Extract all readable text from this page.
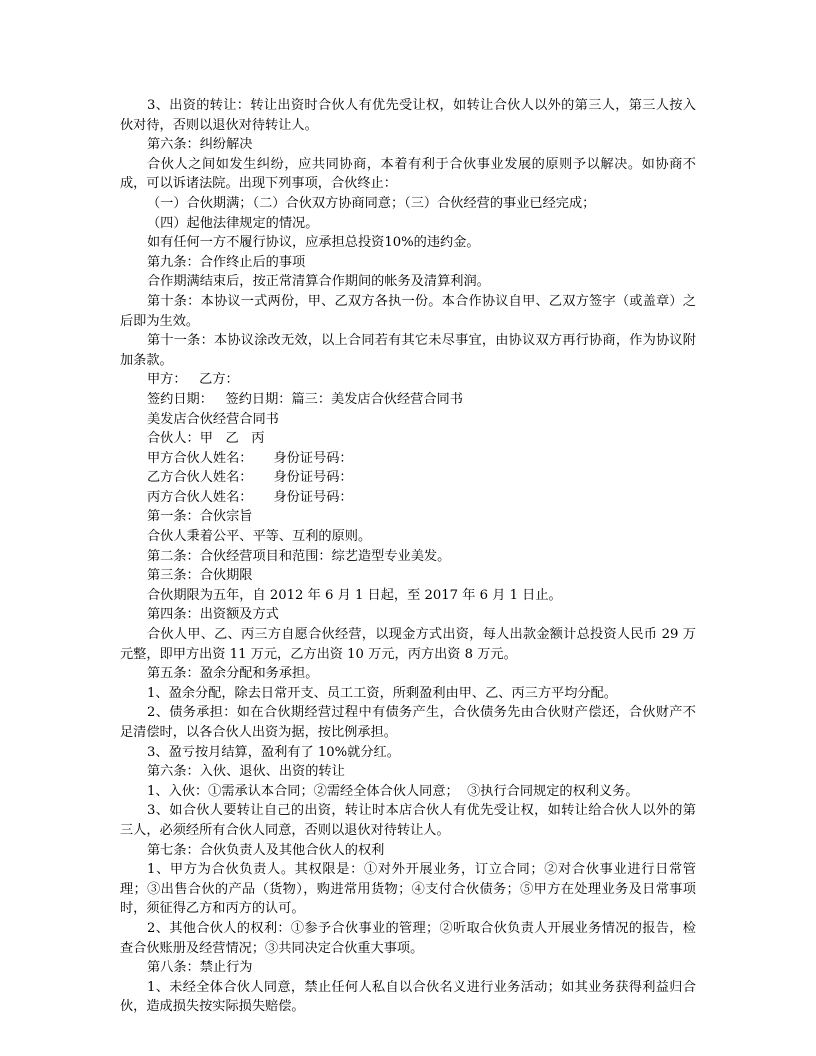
3、出资的转让：转让出资时合伙人有优先受让权，如转让合伙人以外的第三人，第三人按入伙对待，否则以退伙对待转让人。

第六条：纠纷解决

合伙人之间如发生纠纷，应共同协商，本着有利于合伙事业发展的原则予以解决。如协商不成，可以诉诸法院。出现下列事项，合伙终止：

（一）合伙期满；（二）合伙双方协商同意；（三）合伙经营的事业已经完成；

（四）起他法律规定的情况。

如有任何一方不履行协议，应承担总投资10%的违约金。

第九条：合作终止后的事项

合作期满结束后，按正常清算合作期间的帐务及清算利润。

第十条：本协议一式两份，甲、乙双方各执一份。本合作协议自甲、乙双方签字（或盖章）之后即为生效。

第十一条：本协议涂改无效，以上合同若有其它未尽事宜，由协议双方再行协商，作为协议附加条款。

甲方：   乙方：

签约日期：   签约日期：篇三：美发店合伙经营合同书

美发店合伙经营合同书

合伙人：甲   乙   丙

甲方合伙人姓名：     身份证号码：

乙方合伙人姓名：     身份证号码：

丙方合伙人姓名：     身份证号码：

第一条：合伙宗旨

合伙人秉着公平、平等、互利的原则。

第二条：合伙经营项目和范围：综艺造型专业美发。

第三条：合伙期限

合伙期限为五年，自 2012 年 6 月 1 日起，至 2017 年 6 月 1 日止。

第四条：出资额及方式

合伙人甲、乙、丙三方自愿合伙经营，以现金方式出资，每人出款金额计总投资人民币 29 万元整，即甲方出资 11 万元，乙方出资 10 万元，丙方出资 8 万元。

第五条：盈余分配和务承担。

1、盈余分配，除去日常开支、员工工资，所剩盈利由甲、乙、丙三方平均分配。

2、债务承担：如在合伙期经营过程中有债务产生，合伙债务先由合伙财产偿还，合伙财产不足清偿时，以各合伙人出资为据，按比例承担。

3、盈亏按月结算，盈利有了 10%就分红。

第六条：入伙、退伙、出资的转让

1、入伙：①需承认本合同；②需经全体合伙人同意；  ③执行合同规定的权利义务。

3、如合伙人要转让自己的出资，转让时本店合伙人有优先受让权，如转让给合伙人以外的第三人，必须经所有合伙人同意，否则以退伙对待转让人。

第七条：合伙负责人及其他合伙人的权利

1、甲方为合伙负责人。其权限是：①对外开展业务，订立合同；②对合伙事业进行日常管理；③出售合伙的产品（货物），购进常用货物；④支付合伙债务；⑤甲方在处理业务及日常事项时，须征得乙方和丙方的认可。

2、其他合伙人的权利：①参予合伙事业的管理；②听取合伙负责人开展业务情况的报告，检查合伙账册及经营情况；③共同决定合伙重大事项。

第八条：禁止行为

1、未经全体合伙人同意，禁止任何人私自以合伙名义进行业务活动；如其业务获得利益归合伙，造成损失按实际损失赔偿。
